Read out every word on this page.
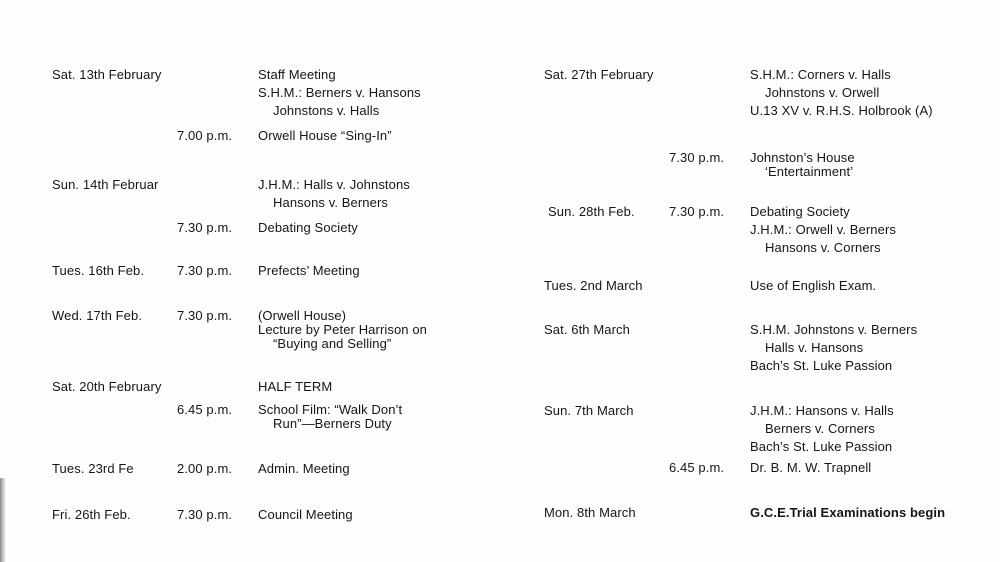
Sat. 13th February	Staff Meeting
S.H.M.: Berners v. Hansons
Johnstons v. Halls
7.00 p.m. Orwell House “Sing-In”
Sun. 14th Februar	J.H.M.: Halls v. Johnstons
Hansons v. Berners
7.30 p.m. Debating Society
Tues. 16th Feb.	7.30 p.m. Prefects’ Meeting
Wed. 17th Feb.	7.30 p.m. (Orwell House)
Lecture by Peter Harrison on
“Buying and Selling”
Sat. 20th February	HALF TERM
6.45 p.m. School Film: “Walk Don’t
Run”—Berners Duty
Tues. 23rd Fe	2.00 p.m. Admin. Meeting
Fri. 26th Feb.	7.30 p.m. Council Meeting
Sat. 27th February	S.H.M.: Corners v. Halls
Johnstons v. Orwell
U.13 XV v. R.H.S. Holbrook (A)
7.30 p.m. Johnston’s House
‘Entertainment’
Sun. 28th Feb.	7.30 p.m. Debating Society
J.H.M.: Orwell v. Berners
Hansons v. Corners
Tues. 2nd March	Use of English Exam.
Sat. 6th March	S.H.M. Johnstons v. Berners
Halls v. Hansons
Bach’s St. Luke Passion
Sun. 7th March	J.H.M.: Hansons v. Halls
Berners v. Corners
Bach’s St. Luke Passion
6.45 p.m. Dr. B. M. W. Trapnell
Mon. 8th March	G.C.E.Trial Examinations begin
